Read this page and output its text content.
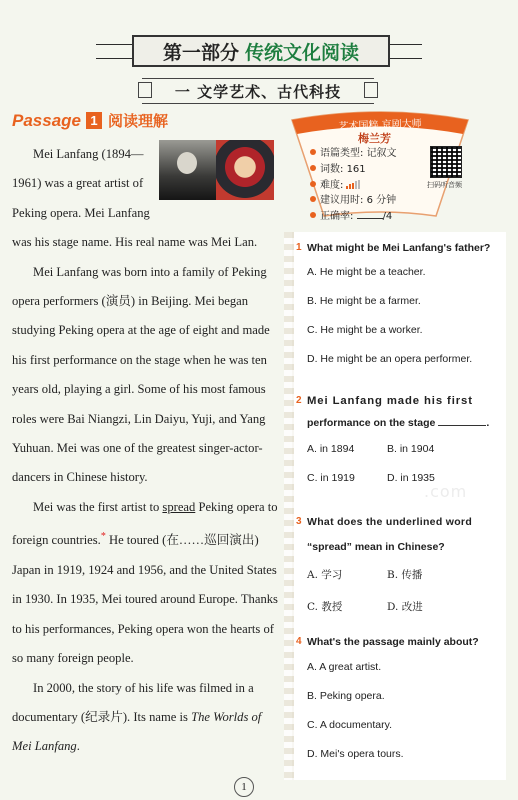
第一部分 传统文化阅读
一 文学艺术、古代科技
Passage 1 阅读理解

Mei Lanfang (1894—

1961) was a great artist of

Peking opera. Mei Lanfang

was his stage name. His real name was Mei Lan.

Mei Lanfang was born into a family of Peking opera performers (演员) in Beijing. Mei began studying Peking opera at the age of eight and made his first performance on the stage when he was ten years old, playing a girl. Some of his most famous roles were Bai Niangzi, Lin Daiyu, Yuji, and Yang Yuhuan. Mei was one of the greatest singer-actor-dancers in Chinese history.

Mei was the first artist to spread Peking opera to foreign countries.* He toured (在……巡回演出) Japan in 1919, 1924 and 1956, and the United States in 1930. In 1935, Mei toured around Europe. Thanks to his performances, Peking opera won the hearts of so many foreign people.

In 2000, the story of his life was filmed in a documentary (纪录片). Its name is The Worlds of Mei Lanfang.

艺术国粹,京剧大师
梅兰芳
语篇类型: 记叙文
词数: 161
难度:
建议用时: 6 分钟
正确率:	/4
扫码听音频
.com
1 What might be Mei Lanfang's father?
A. He might be a teacher.
B. He might be a farmer.
C. He might be a worker.
D. He might be an opera performer.
2 Mei Lanfang made his first
performance on the stage	.
A. in 1894	B. in 1904
C. in 1919	D. in 1935
3 What does the underlined word
“spread” mean in Chinese?
A. 学习	B. 传播
C. 教授	D. 改进
4 What's the passage mainly about?
A. A great artist.
B. Peking opera.
C. A documentary.
D. Mei's opera tours.
1
